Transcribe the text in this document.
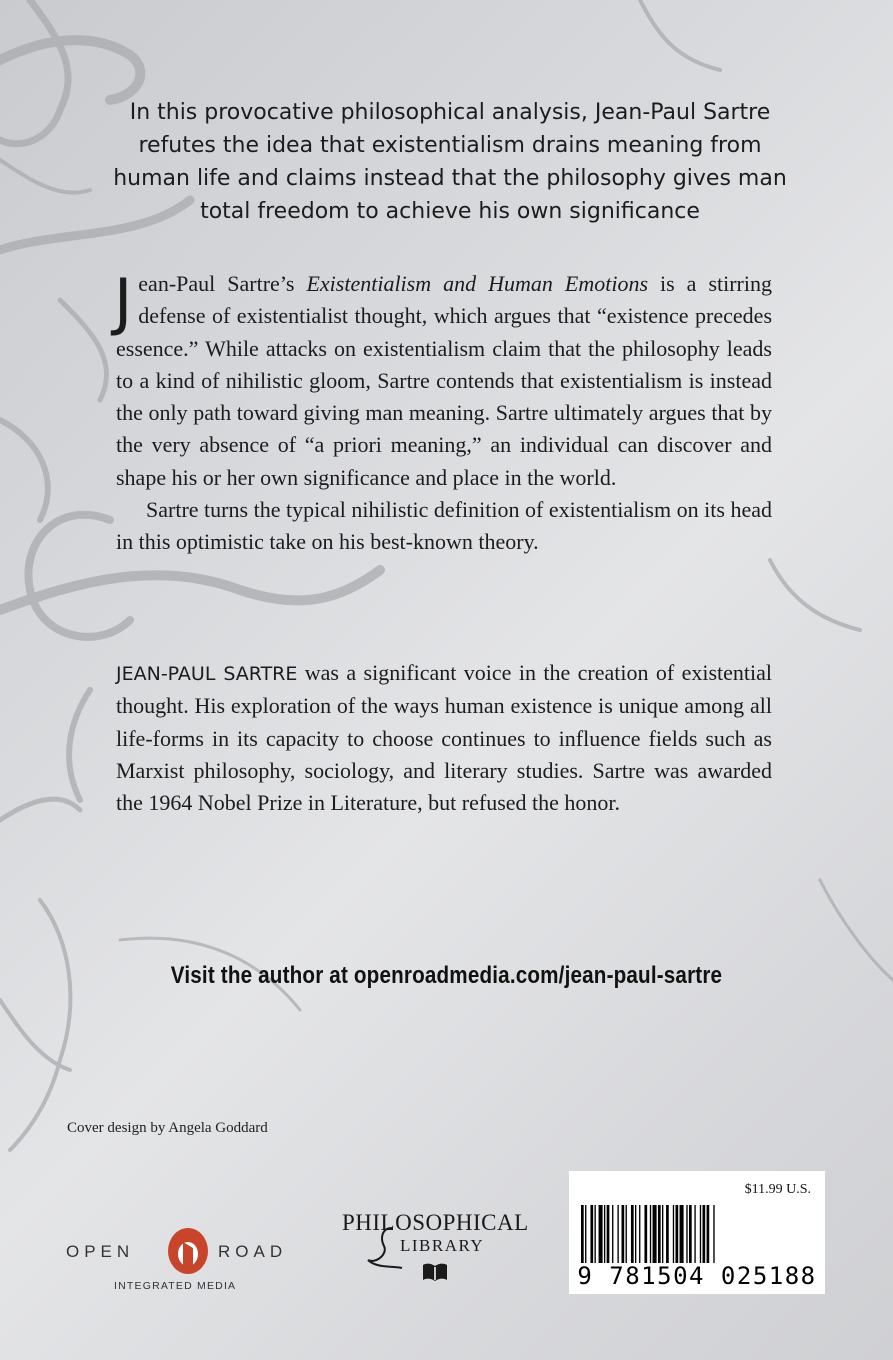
In this provocative philosophical analysis, Jean-Paul Sartre refutes the idea that existentialism drains meaning from human life and claims instead that the philosophy gives man total freedom to achieve his own significance

Jean-Paul Sartre’s Existentialism and Human Emotions is a stirring defense of existentialist thought, which argues that “existence precedes essence.” While attacks on existentialism claim that the philosophy leads to a kind of nihilistic gloom, Sartre contends that existentialism is instead the only path toward giving man meaning. Sartre ultimately argues that by the very absence of “a priori meaning,” an individual can discover and shape his or her own significance and place in the world.

Sartre turns the typical nihilistic definition of existentialism on its head in this optimistic take on his best-known theory.

JEAN-PAUL SARTRE was a significant voice in the creation of existential thought. His exploration of the ways human existence is unique among all life-forms in its capacity to choose continues to influence fields such as Marxist philosophy, sociology, and literary studies. Sartre was awarded the 1964 Nobel Prize in Literature, but refused the honor.

Visit the author at openroadmedia.com/jean-paul-sartre
Cover design by Angela Goddard
OPEN	ROAD
INTEGRATED MEDIA
PHILOSOPHICAL
LIBRARY
$11.99 U.S.
9 781504 025188
